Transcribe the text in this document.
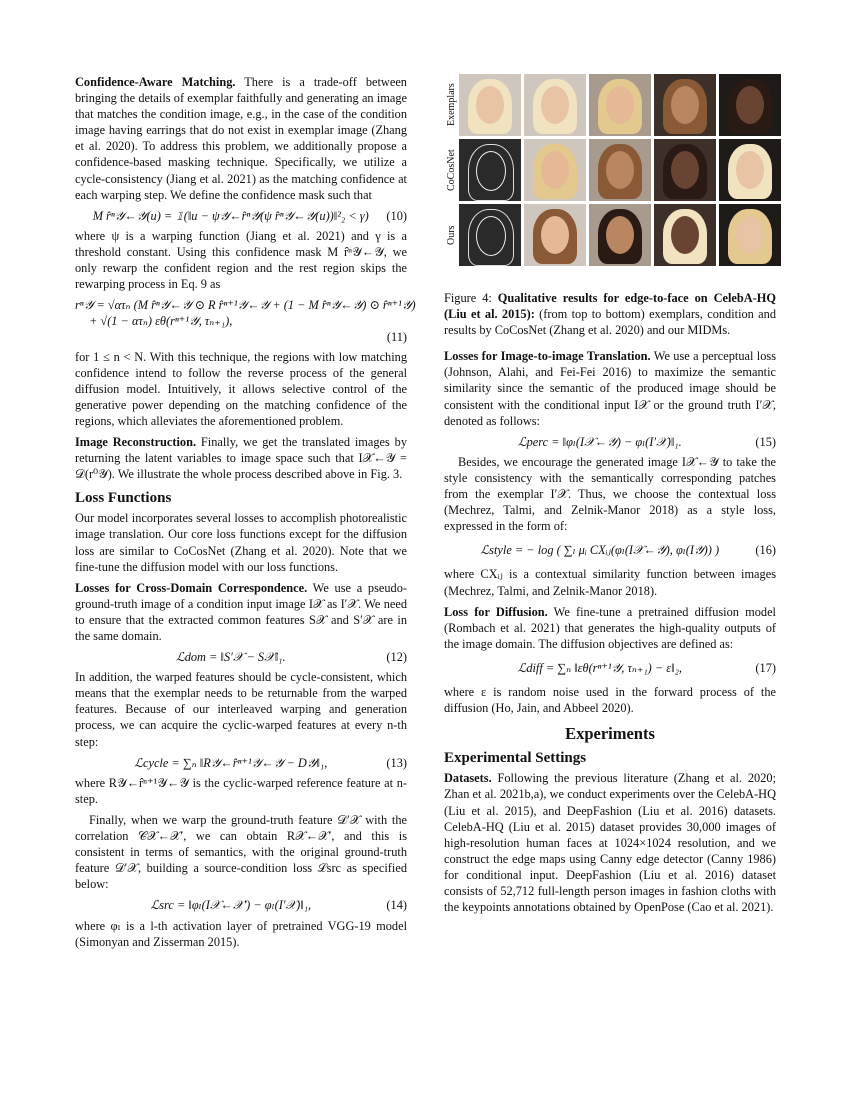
Confidence-Aware Matching. There is a trade-off between bringing the details of exemplar faithfully and generating an image that matches the condition image, e.g., in the case of the condition image having earrings that do not exist in exemplar image (Zhang et al. 2020). To address this problem, we additionally propose a confidence-based masking technique. Specifically, we utilize a cycle-consistency (Jiang et al. 2021) as the matching confidence at each warping step. We define the confidence mask such that

M r̂ⁿ𝒴←𝒴(u) = 𝟙(‖u − ψ𝒴←r̂ⁿ𝒴(ψ r̂ⁿ𝒴←𝒴(u))‖²₂ < γ)	(10)

where ψ is a warping function (Jiang et al. 2021) and γ is a threshold constant. Using this confidence mask M r̂ⁿ𝒴←𝒴, we only rewarp the confident region and the rest region skips the rewarping process in Eq. 9 as

rⁿ𝒴 = √ατₙ (M r̂ⁿ𝒴←𝒴 ⊙ R r̂ⁿ⁺¹𝒴←𝒴 + (1 − M r̂ⁿ𝒴←𝒴) ⊙ r̂ⁿ⁺¹𝒴)
+ √(1 − ατₙ) εθ(rⁿ⁺¹𝒴, τₙ₊₁),
(11)

for 1 ≤ n < N. With this technique, the regions with low matching confidence intend to follow the reverse process of the general diffusion model. Intuitively, it allows selective control of the generative power depending on the matching confidence of the regions, which alleviates the aforementioned problem.

Image Reconstruction. Finally, we get the translated images by returning the latent variables to image space such that I𝒳←𝒴 = 𝒟(r⁰𝒴). We illustrate the whole process described above in Fig. 3.

Loss Functions

Our model incorporates several losses to accomplish photorealistic image translation. Our core loss functions except for the diffusion loss are similar to CoCosNet (Zhang et al. 2020). Note that we fine-tune the diffusion model with our loss functions.

Losses for Cross-Domain Correspondence. We use a pseudo-ground-truth image of a condition input image I𝒳 as I′𝒳. We need to ensure that the extracted common features S𝒳 and S′𝒳 are in the same domain.

ℒdom = ‖S′𝒳 − S𝒳‖₁.	(12)

In addition, the warped features should be cycle-consistent, which means that the exemplar needs to be returnable from the warped features. Because of our interleaved warping and generation process, we can acquire the cyclic-warped features at every n-th step:

ℒcycle = ∑ₙ ‖R𝒴←r̂ⁿ⁺¹𝒴←𝒴 − D𝒴‖₁,	(13)

where R𝒴←r̂ⁿ⁺¹𝒴←𝒴 is the cyclic-warped reference feature at n-step.

Finally, when we warp the ground-truth feature 𝒟′𝒳 with the correlation 𝒞𝒳←𝒳′, we can obtain R𝒳←𝒳′, and this is consistent in terms of semantics, with the original ground-truth feature 𝒟′𝒳, building a source-condition loss ℒsrc as specified below:

ℒsrc = ‖φₗ(I𝒳←𝒳′) − φₗ(I′𝒳)‖₁,	(14)

where φₗ is a l-th activation layer of pretrained VGG-19 model (Simonyan and Zisserman 2015).

Exemplars
CoCosNet
Ours

Figure 4: Qualitative results for edge-to-face on CelebA-HQ (Liu et al. 2015): (from top to bottom) exemplars, condition and results by CoCosNet (Zhang et al. 2020) and our MIDMs.

Losses for Image-to-image Translation. We use a perceptual loss (Johnson, Alahi, and Fei-Fei 2016) to maximize the semantic similarity since the semantic of the produced image should be consistent with the conditional input I𝒳 or the ground truth I′𝒳, denoted as follows:

ℒperc = ‖φₗ(I𝒳←𝒴) − φₗ(I′𝒳)‖₁.	(15)

Besides, we encourage the generated image I𝒳←𝒴 to take the style consistency with the semantically corresponding patches from the exemplar I′𝒳. Thus, we choose the contextual loss (Mechrez, Talmi, and Zelnik-Manor 2018) as a style loss, expressed in the form of:

ℒstyle = − log ( ∑ₗ μᵢ CXᵢⱼ(φₗ(I𝒳←𝒴), φₗ(I𝒴)) )	(16)

where CXᵢⱼ is a contextual similarity function between images (Mechrez, Talmi, and Zelnik-Manor 2018).

Loss for Diffusion. We fine-tune a pretrained diffusion model (Rombach et al. 2021) that generates the high-quality outputs of the image domain. The diffusion objectives are defined as:

ℒdiff = ∑ₙ ‖εθ(rⁿ⁺¹𝒴, τₙ₊₁) − ε‖₂,	(17)

where ε is random noise used in the forward process of the diffusion (Ho, Jain, and Abbeel 2020).

Experiments
Experimental Settings

Datasets. Following the previous literature (Zhang et al. 2020; Zhan et al. 2021b,a), we conduct experiments over the CelebA-HQ (Liu et al. 2015), and DeepFashion (Liu et al. 2016) datasets. CelebA-HQ (Liu et al. 2015) dataset provides 30,000 images of high-resolution human faces at 1024×1024 resolution, and we construct the edge maps using Canny edge detector (Canny 1986) for conditional input. DeepFashion (Liu et al. 2016) dataset consists of 52,712 full-length person images in fashion cloths with the keypoints annotations obtained by OpenPose (Cao et al. 2021).
